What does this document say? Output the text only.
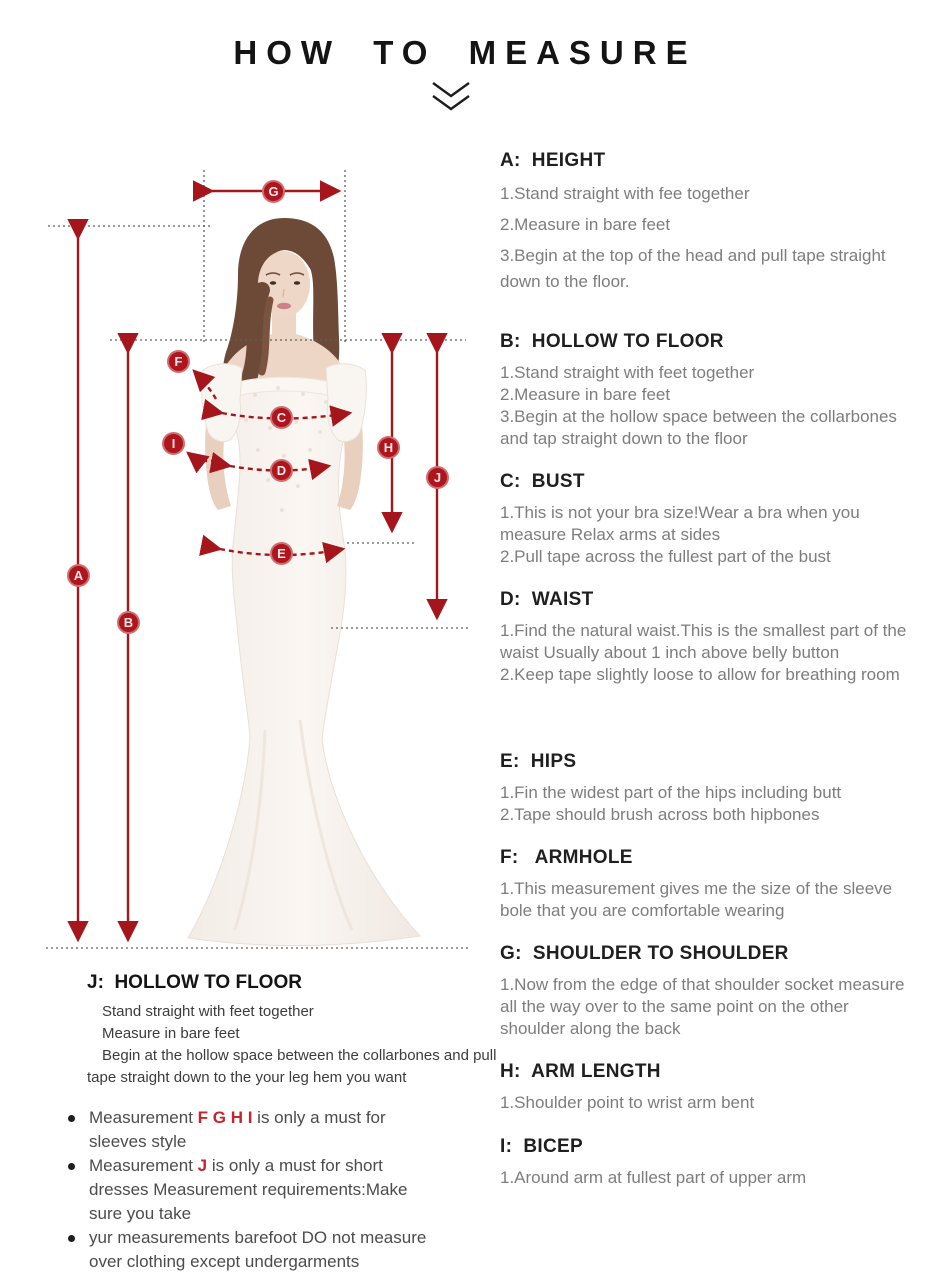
HOW TO MEASURE
G
A
B
F
C
I
D
H
J
E
A:  HEIGHT

1.Stand straight with fee together

2.Measure in bare feet

3.Begin at the top of the head and pull tape straight down to the floor.

B:  HOLLOW TO FLOOR

1.Stand straight with feet together

2.Measure in bare feet

3.Begin at the hollow space between the collarbones and tap straight down to the floor

C:  BUST

1.This is not your bra size!Wear a bra when you measure Relax arms at sides

2.Pull tape across the fullest part of the bust

D:  WAIST

1.Find the natural waist.This is the smallest part of the waist Usually about 1 inch above belly button

2.Keep tape slightly loose to allow for breathing room

E:  HIPS

1.Fin the widest part of the hips including butt

2.Tape should brush across both hipbones

F:   ARMHOLE

1.This measurement gives me the size of the sleeve bole that you are comfortable wearing

G:  SHOULDER TO SHOULDER

1.Now from the edge of that shoulder socket measure all the way over to the same point on the other shoulder along the back

H:  ARM LENGTH

1.Shoulder point to wrist arm bent

I:  BICEP

1.Around arm at fullest part of upper arm

J:  HOLLOW TO FLOOR

Stand straight with feet together

Measure in bare feet

Begin at the hollow space between the collarbones and pull tape straight down to the your leg hem you want

Measurement F G H I is only a must for sleeves style
Measurement J is only a must for short dresses Measurement requirements:Make sure you take
yur measurements barefoot DO not measure over clothing except undergarments
